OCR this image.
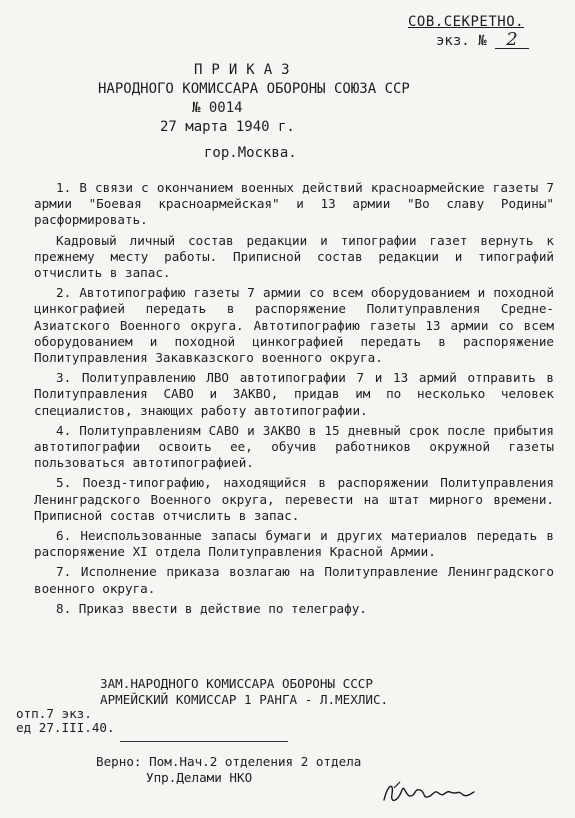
СОВ.СЕКРЕТНО.
экз. № 2
ПРИКАЗ
НАРОДНОГО КОМИССАРА ОБОРОНЫ СОЮЗА ССР
№ 0014
27 марта 1940 г.
гор.Москва.

1. В связи с окончанием военных действий красноармейские газеты 7 армии "Боевая красноармейская" и 13 армии "Во славу Родины" расформировать.

Кадровый личный состав редакции и типографии газет вернуть к прежнему месту работы. Приписной состав редакции и типографий отчислить в запас.

2. Автотипографию газеты 7 армии со всем оборудованием и походной цинкографией передать в распоряжение Политуправления Средне-Азиатского Военного округа. Автотипографию газеты 13 армии со всем оборудованием и походной цинкографией передать в распоряжение Политуправления Закавказского военного округа.

3. Политуправлению ЛВО автотипографии 7 и 13 армий отправить в Политуправления САВО и ЗАКВО, придав им по несколько человек специалистов, знающих работу автотипографии.

4. Политуправлениям САВО и ЗАКВО в 15 дневный срок после прибытия автотипографии освоить ее, обучив работников окружной газеты пользоваться автотипографией.

5. Поезд-типографию, находящийся в распоряжении Политуправления Ленинградского Военного округа, перевести на штат мирного времени. Приписной состав отчислить в запас.

6. Неиспользованные запасы бумаги и других материалов передать в распоряжение XI отдела Политуправления Красной Армии.

7. Исполнение приказа возлагаю на Политуправление Ленинградского военного округа.

8. Приказ ввести в действие по телеграфу.

ЗАМ.НАРОДНОГО КОМИССАРА ОБОРОНЫ СССР
АРМЕЙСКИЙ КОМИССАР 1 РАНГА - Л.МЕХЛИС.
отп.7 экз.
ед 27.III.40.
Верно: Пом.Нач.2 отделения 2 отдела
Упр.Делами НКО
